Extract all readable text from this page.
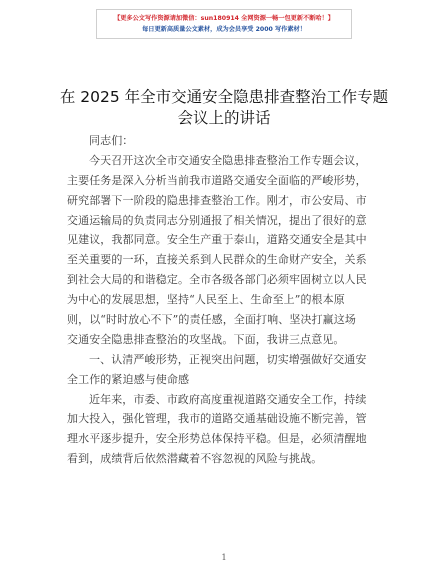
【更多公文写作资源请加微信：sun180914 全网资源一畅一包更新不断哈！】
每日更新高质量公文素材，成为会员享受 2000 写作素材！
在 2025 年全市交通安全隐患排查整治工作专题
会议上的讲话
同志们：
今天召开这次全市交通安全隐患排查整治工作专题会议，
主要任务是深入分析当前我市道路交通安全面临的严峻形势，
研究部署下一阶段的隐患排查整治工作。刚才，市公安局、市
交通运输局的负责同志分别通报了相关情况，提出了很好的意
见建议，我都同意。安全生产重于泰山，道路交通安全是其中
至关重要的一环，直接关系到人民群众的生命财产安全，关系
到社会大局的和谐稳定。全市各级各部门必须牢固树立以人民
为中心的发展思想，坚持“人民至上、生命至上”的根本原
则，以“时时放心不下”的责任感，全面打响、坚决打赢这场
交通安全隐患排查整治的攻坚战。下面，我讲三点意见。
一、认清严峻形势，正视突出问题，切实增强做好交通安
全工作的紧迫感与使命感
近年来，市委、市政府高度重视道路交通安全工作，持续
加大投入，强化管理，我市的道路交通基础设施不断完善，管
理水平逐步提升，安全形势总体保持平稳。但是，必须清醒地
看到，成绩背后依然潜藏着不容忽视的风险与挑战。
1
